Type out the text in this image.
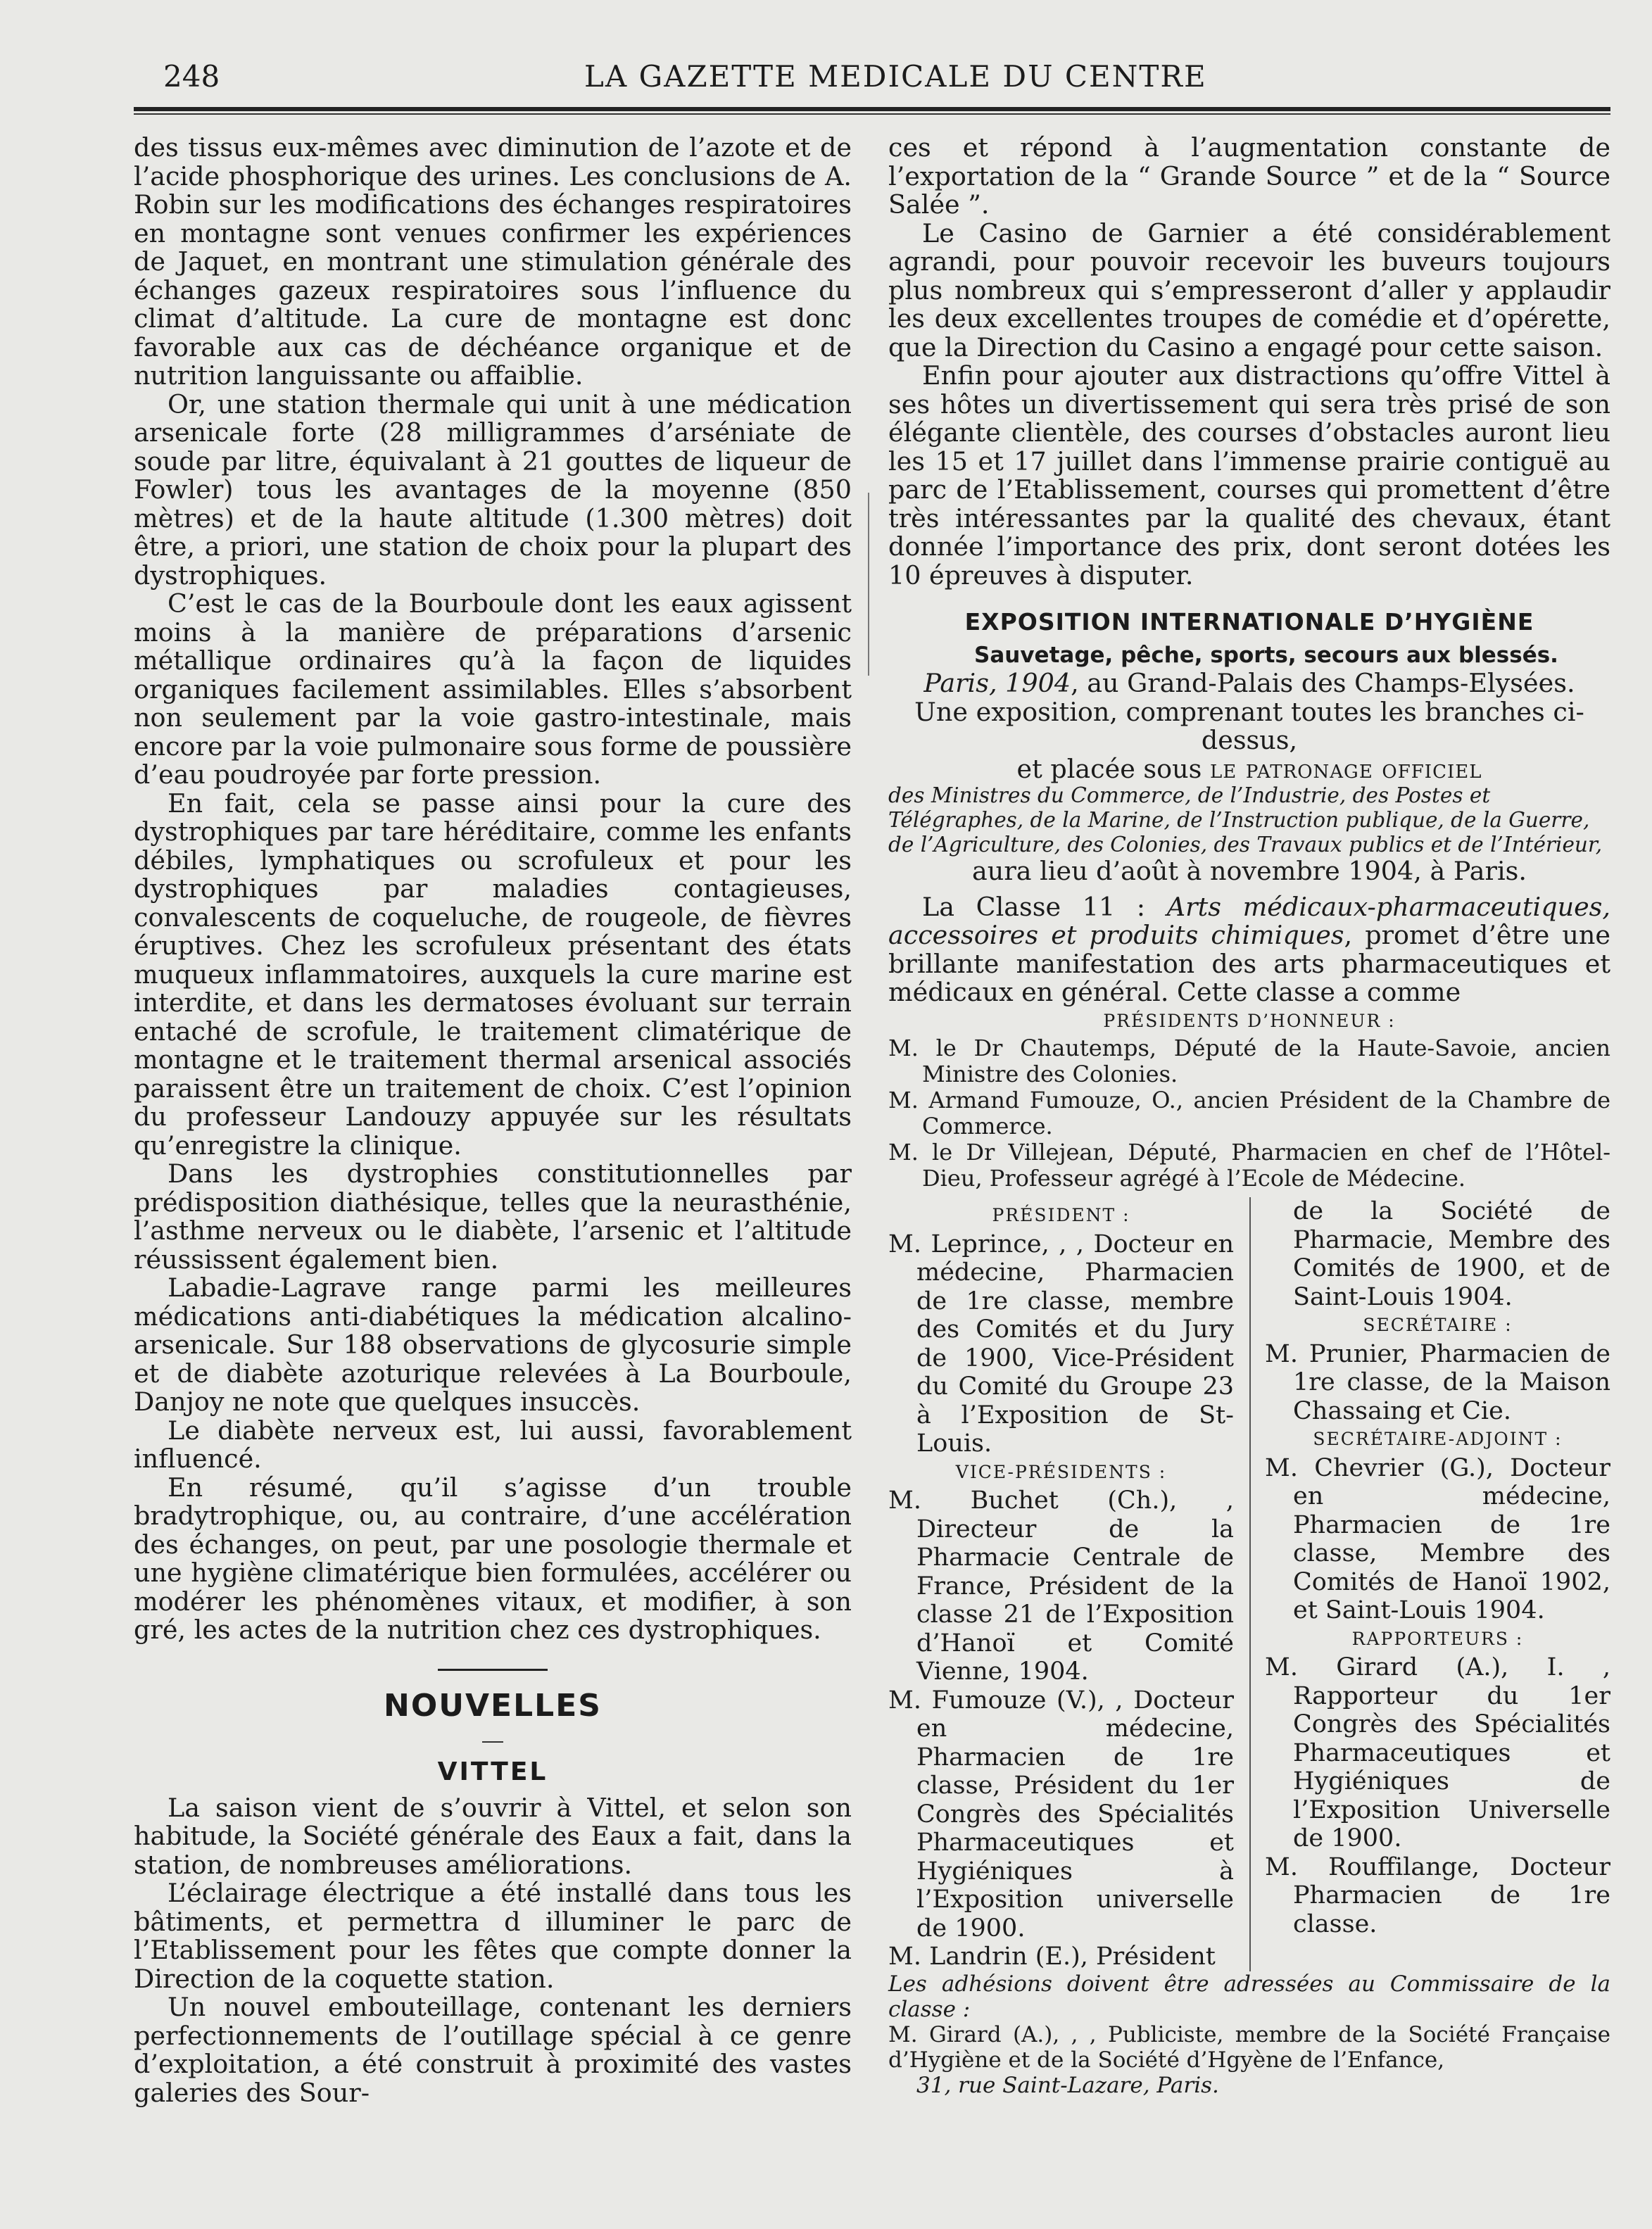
248	LA GAZETTE MEDICALE DU CENTRE

des tissus eux-mêmes avec diminution de l’azote et de l’acide phosphorique des urines. Les conclusions de A. Robin sur les modifications des échanges respiratoires en montagne sont venues confirmer les expériences de Jaquet, en montrant une stimulation générale des échanges gazeux respiratoires sous l’influence du climat d’altitude. La cure de montagne est donc favorable aux cas de déchéance organique et de nutrition languissante ou affaiblie.

Or, une station thermale qui unit à une médication arsenicale forte (28 milligrammes d’arséniate de soude par litre, équivalant à 21 gouttes de liqueur de Fowler) tous les avantages de la moyenne (850 mètres) et de la haute altitude (1.300 mètres) doit être, a priori, une station de choix pour la plupart des dystrophiques.

C’est le cas de la Bourboule dont les eaux agissent moins à la manière de préparations d’arsenic métallique ordinaires qu’à la façon de liquides organiques facilement assimilables. Elles s’absorbent non seulement par la voie gastro-intestinale, mais encore par la voie pulmonaire sous forme de poussière d’eau poudroyée par forte pression.

En fait, cela se passe ainsi pour la cure des dystrophiques par tare héréditaire, comme les enfants débiles, lymphatiques ou scrofuleux et pour les dystrophiques par maladies contagieuses, convalescents de coqueluche, de rougeole, de fièvres éruptives. Chez les scrofuleux présentant des états muqueux inflammatoires, auxquels la cure marine est interdite, et dans les dermatoses évoluant sur terrain entaché de scrofule, le traitement climatérique de montagne et le traitement thermal arsenical associés paraissent être un traitement de choix. C’est l’opinion du professeur Landouzy appuyée sur les résultats qu’enregistre la clinique.

Dans les dystrophies constitutionnelles par prédisposition diathésique, telles que la neurasthénie, l’asthme nerveux ou le diabète, l’arsenic et l’altitude réussissent également bien.

Labadie-Lagrave range parmi les meilleures médications anti-diabétiques la médication alcalino-arsenicale. Sur 188 observations de glycosurie simple et de diabète azoturique relevées à La Bourboule, Danjoy ne note que quelques insuccès.

Le diabète nerveux est, lui aussi, favorablement influencé.

En résumé, qu’il s’agisse d’un trouble bradytrophique, ou, au contraire, d’une accélération des échanges, on peut, par une posologie thermale et une hygiène climatérique bien formulées, accélérer ou modérer les phénomènes vitaux, et modifier, à son gré, les actes de la nutrition chez ces dystrophiques.

NOUVELLES
VITTEL

La saison vient de s’ouvrir à Vittel, et selon son habitude, la Société générale des Eaux a fait, dans la station, de nombreuses améliorations.

L’éclairage électrique a été installé dans tous les bâtiments, et permettra d illuminer le parc de l’Etablissement pour les fêtes que compte donner la Direction de la coquette station.

Un nouvel embouteillage, contenant les derniers perfectionnements de l’outillage spécial à ce genre d’exploitation, a été construit à proximité des vastes galeries des Sour-

ces et répond à l’augmentation constante de l’exportation de la “ Grande Source ” et de la “ Source Salée ”.

Le Casino de Garnier a été considérablement agrandi, pour pouvoir recevoir les buveurs toujours plus nombreux qui s’empresseront d’aller y applaudir les deux excellentes troupes de comédie et d’opérette, que la Direction du Casino a engagé pour cette saison.

Enfin pour ajouter aux distractions qu’offre Vittel à ses hôtes un divertissement qui sera très prisé de son élégante clientèle, des courses d’obstacles auront lieu les 15 et 17 juillet dans l’immense prairie contiguë au parc de l’Etablissement, courses qui promettent d’être très intéressantes par la qualité des chevaux, étant donnée l’importance des prix, dont seront dotées les 10 épreuves à disputer.

EXPOSITION INTERNATIONALE D’HYGIÈNE

Sauvetage, pêche, sports, secours aux blessés.

Paris, 1904, au Grand-Palais des Champs-Elysées.

Une exposition, comprenant toutes les branches ci-dessus,

et placée sous le patronage officiel

des Ministres du Commerce, de l’Industrie, des Postes et Télégraphes, de la Marine, de l’Instruction publique, de la Guerre, de l’Agriculture, des Colonies, des Travaux publics et de l’Intérieur,

aura lieu d’août à novembre 1904, à Paris.

La Classe 11 : Arts médicaux-pharmaceutiques, accessoires et produits chimiques, promet d’être une brillante manifestation des arts pharmaceutiques et médicaux en général. Cette classe a comme

PRÉSIDENTS D’HONNEUR :

M. le Dr Chautemps, Député de la Haute-Savoie, ancien Ministre des Colonies.

M. Armand Fumouze, O., ancien Président de la Chambre de Commerce.

M. le Dr Villejean, Député, Pharmacien en chef de l’Hôtel-Dieu, Professeur agrégé à l’Ecole de Médecine.

PRÉSIDENT :

M. Leprince, , , Docteur en médecine, Pharmacien de 1re classe, membre des Comités et du Jury de 1900, Vice-Président du Comité du Groupe 23 à l’Exposition de St-Louis.

VICE-PRÉSIDENTS :

M. Buchet (Ch.), , Directeur de la Pharmacie Centrale de France, Président de la classe 21 de l’Exposition d’Hanoï et Comité Vienne, 1904.

M. Fumouze (V.), , Docteur en médecine, Pharmacien de 1re classe, Président du 1er Congrès des Spécialités Pharmaceutiques et Hygiéniques à l’Exposition universelle de 1900.

M. Landrin (E.), Président

de la Société de Pharmacie, Membre des Comités de 1900, et de Saint-Louis 1904.

SECRÉTAIRE :

M. Prunier, Pharmacien de 1re classe, de la Maison Chassaing et Cie.

SECRÉTAIRE-ADJOINT :

M. Chevrier (G.), Docteur en médecine, Pharmacien de 1re classe, Membre des Comités de Hanoï 1902, et Saint-Louis 1904.

RAPPORTEURS :

M. Girard (A.), I. , Rapporteur du 1er Congrès des Spécialités Pharmaceutiques et Hygiéniques de l’Exposition Universelle de 1900.

M. Rouffilange, Docteur Pharmacien de 1re classe.

Les adhésions doivent être adressées au Commissaire de la classe :
M. Girard (A.), , , Publiciste, membre de la Société Française d’Hygiène et de la Société d’Hgyène de l’Enfance,
31, rue Saint-Lazare, Paris.
